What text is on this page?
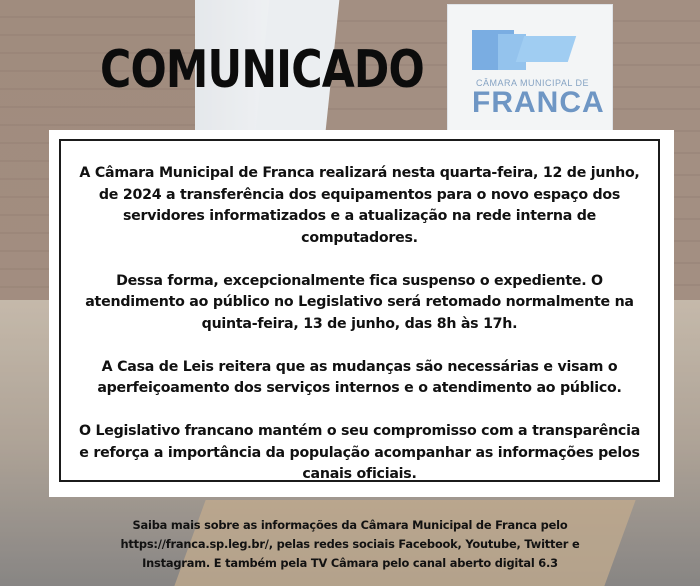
CÂMARA MUNICIPAL DE
FRANCA
COMUNICADO

A Câmara Municipal de Franca realizará nesta quarta-feira, 12 de junho, de 2024 a transferência dos equipamentos para o novo espaço dos servidores informatizados e a atualização na rede interna de computadores.

Dessa forma, excepcionalmente fica suspenso o expediente. O atendimento ao público no Legislativo será retomado normalmente na quinta-feira, 13 de junho, das 8h às 17h.

A Casa de Leis reitera que as mudanças são necessárias e visam o aperfeiçoamento dos serviços internos e o atendimento ao público.

O Legislativo francano mantém o seu compromisso com a transparência e reforça a importância da população acompanhar as informações pelos canais oficiais.

Saiba mais sobre as informações da Câmara Municipal de Franca pelo https://franca.sp.leg.br/, pelas redes sociais Facebook, Youtube, Twitter e Instagram. E também pela TV Câmara pelo canal aberto digital 6.3
